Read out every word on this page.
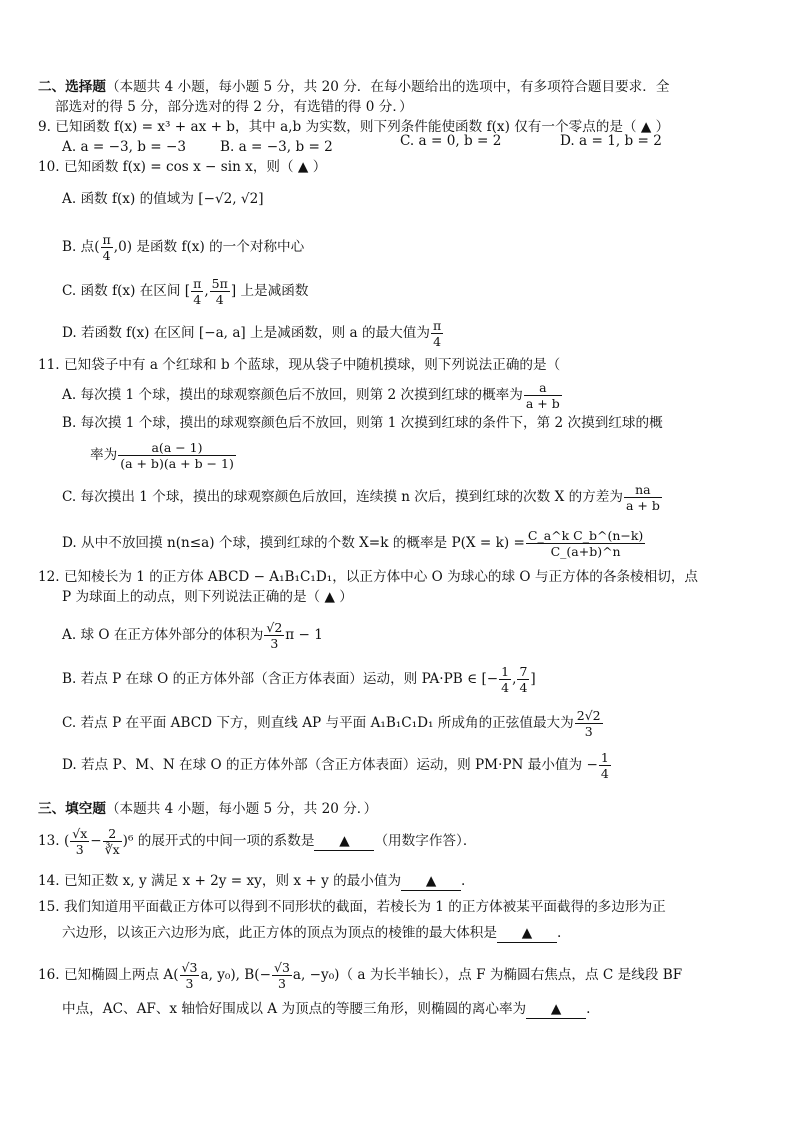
二、选择题（本题共 4 小题，每小题 5 分，共 20 分．在每小题给出的选项中，有多项符合题目要求．全
部选对的得 5 分，部分选对的得 2 分，有选错的得 0 分．）
9. 已知函数 f(x) = x³ + ax + b，其中 a,b 为实数，则下列条件能使函数 f(x) 仅有一个零点的是（ ▲ ）
A. a = −3, b = −3 B. a = −3, b = 2	C. a = 0, b = 2	D. a = 1, b = 2
10. 已知函数 f(x) = cos x − sin x，则（ ▲ ）
A. 函数 f(x) 的值域为 [−√2, √2]
B. 点( $\frac{\pi}{4} ,0$) 是函数 f(x) 的一个对称中心
C. 函数 f(x) 在区间 [ $\frac{\pi}{4}$ , $\frac{5\pi}{4}$ ] 上是减函数
D. 若函数 f(x) 在区间 [−a, a] 上是减函数，则 a 的最大值为 $\frac{\pi}{4}$
11. 已知袋子中有 a 个红球和 b 个蓝球，现从袋子中随机摸球，则下列说法正确的是（
A. 每次摸 1 个球，摸出的球观察颜色后不放回，则第 2 次摸到红球的概率为 $\frac{a}{a + b}$
B. 每次摸 1 个球，摸出的球观察颜色后不放回，则第 1 次摸到红球的条件下，第 2 次摸到红球的概
率为 $\frac{a(a - 1)}{(a + b)(a + b - 1)}$
C. 每次摸出 1 个球，摸出的球观察颜色后放回，连续摸 n 次后，摸到红球的次数 X 的方差为 $\frac{na}{a + b}$
D. 从中不放回摸 n(n≤a) 个球，摸到红球的个数 X=k 的概率是 $P(X = k) = \frac{\text{C\_a\textasciicircum{}k C\_b\textasciicircum{}(n−k)}}{C\_(a+b)\^{}n}$
12. 已知棱长为 1 的正方体 ABCD − A₁B₁C₁D₁，以正方体中心 O 为球心的球 O 与正方体的各条棱相切，点
P 为球面上的动点，则下列说法正确的是（ ▲ ）
A. 球 O 在正方体外部分的体积为 $\frac{√2}{3}$ π − 1
B. 若点 P 在球 O 的正方体外部（含正方体表面）运动，则 PA·PB ∈ [− $\frac{1}{4}$ , $\frac{7}{4}$ ]
C. 若点 P 在平面 ABCD 下方，则直线 AP 与平面 A₁B₁C₁D₁ 所成角的正弦值最大为 $\frac{2√2}{3}$
D. 若点 P、M、N 在球 O 的正方体外部（含正方体表面）运动，则 PM·PN 最小值为 − $\frac{1}{4}$
三、填空题（本题共 4 小题，每小题 5 分，共 20 分．）
13. ( $\frac{√x}{3} - \frac{2}{∛x} )^6$ 的展开式的中间一项的系数是 ▲ （用数字作答）．
14. 已知正数 x, y 满足 x + 2y = xy，则 x + y 的最小值为 ▲ .
15. 我们知道用平面截正方体可以得到不同形状的截面，若棱长为 1 的正方体被某平面截得的多边形为正
六边形，以该正六边形为底，此正方体的顶点为顶点的棱锥的最大体积是 ▲ .
16. 已知椭圆上两点 $A( \frac{√3}{3} a$, y₀), $B(- \frac{√3}{3} a$, −y₀)（ a 为长半轴长），点 F 为椭圆右焦点，点 C 是线段 BF
中点，AC、AF、x 轴恰好围成以 A 为顶点的等腰三角形，则椭圆的离心率为 ▲ .
